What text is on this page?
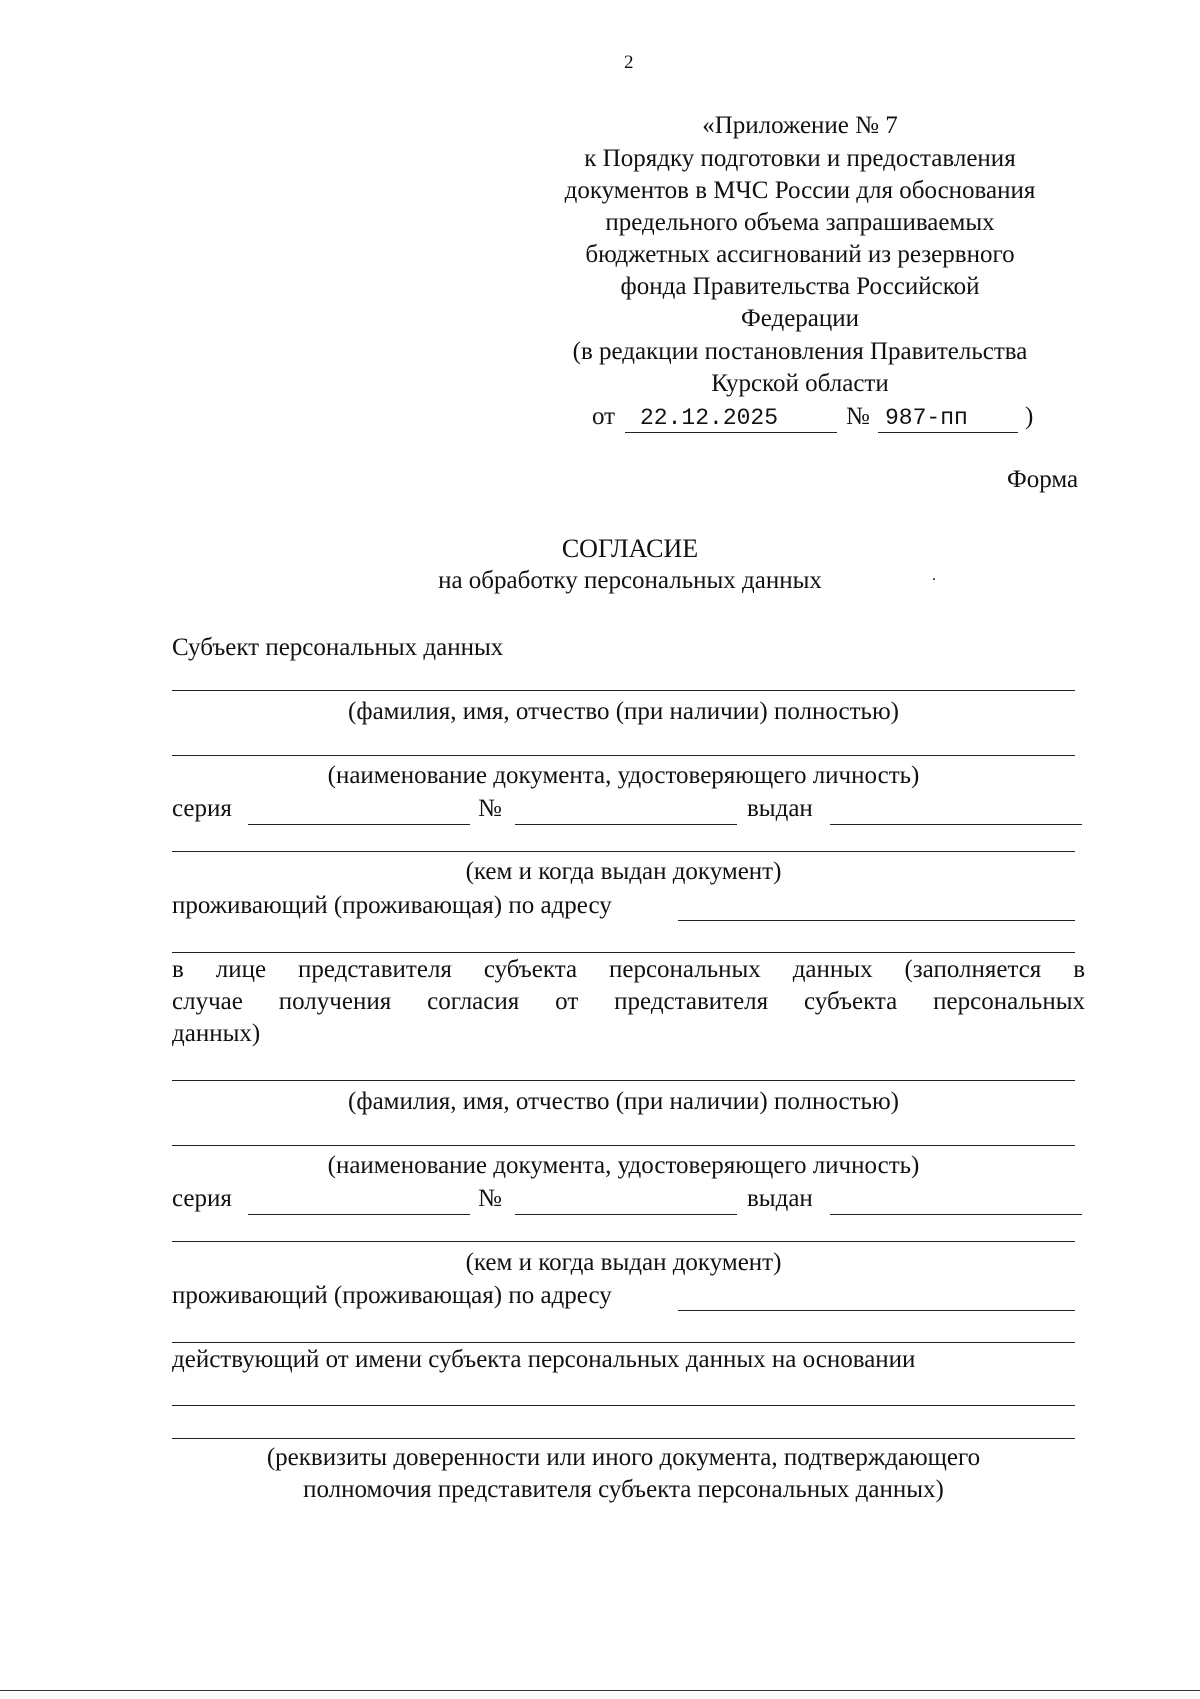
2
«Приложение № 7
к Порядку подготовки и предоставления
документов в МЧС России для обоснования
предельного объема запрашиваемых
бюджетных ассигнований из резервного
фонда Правительства Российской
Федерации
(в редакции постановления Правительства
Курской области
от 22.12.2025	№ 987-пп )
Форма
СОГЛАСИЕ
на обработку персональных данных	.
Субъект персональных данных
(фамилия, имя, отчество (при наличии) полностью)
(наименование документа, удостоверяющего личность)
серия	№	выдан
(кем и когда выдан документ)
проживающий (проживающая) по адресу
в лице представителя субъекта персональных данных (заполняется в
случае получения согласия от представителя субъекта персональных
данных)
(фамилия, имя, отчество (при наличии) полностью)
(наименование документа, удостоверяющего личность)
серия	№	выдан
(кем и когда выдан документ)
проживающий (проживающая) по адресу
действующий от имени субъекта персональных данных на основании
(реквизиты доверенности или иного документа, подтверждающего
полномочия представителя субъекта персональных данных)
